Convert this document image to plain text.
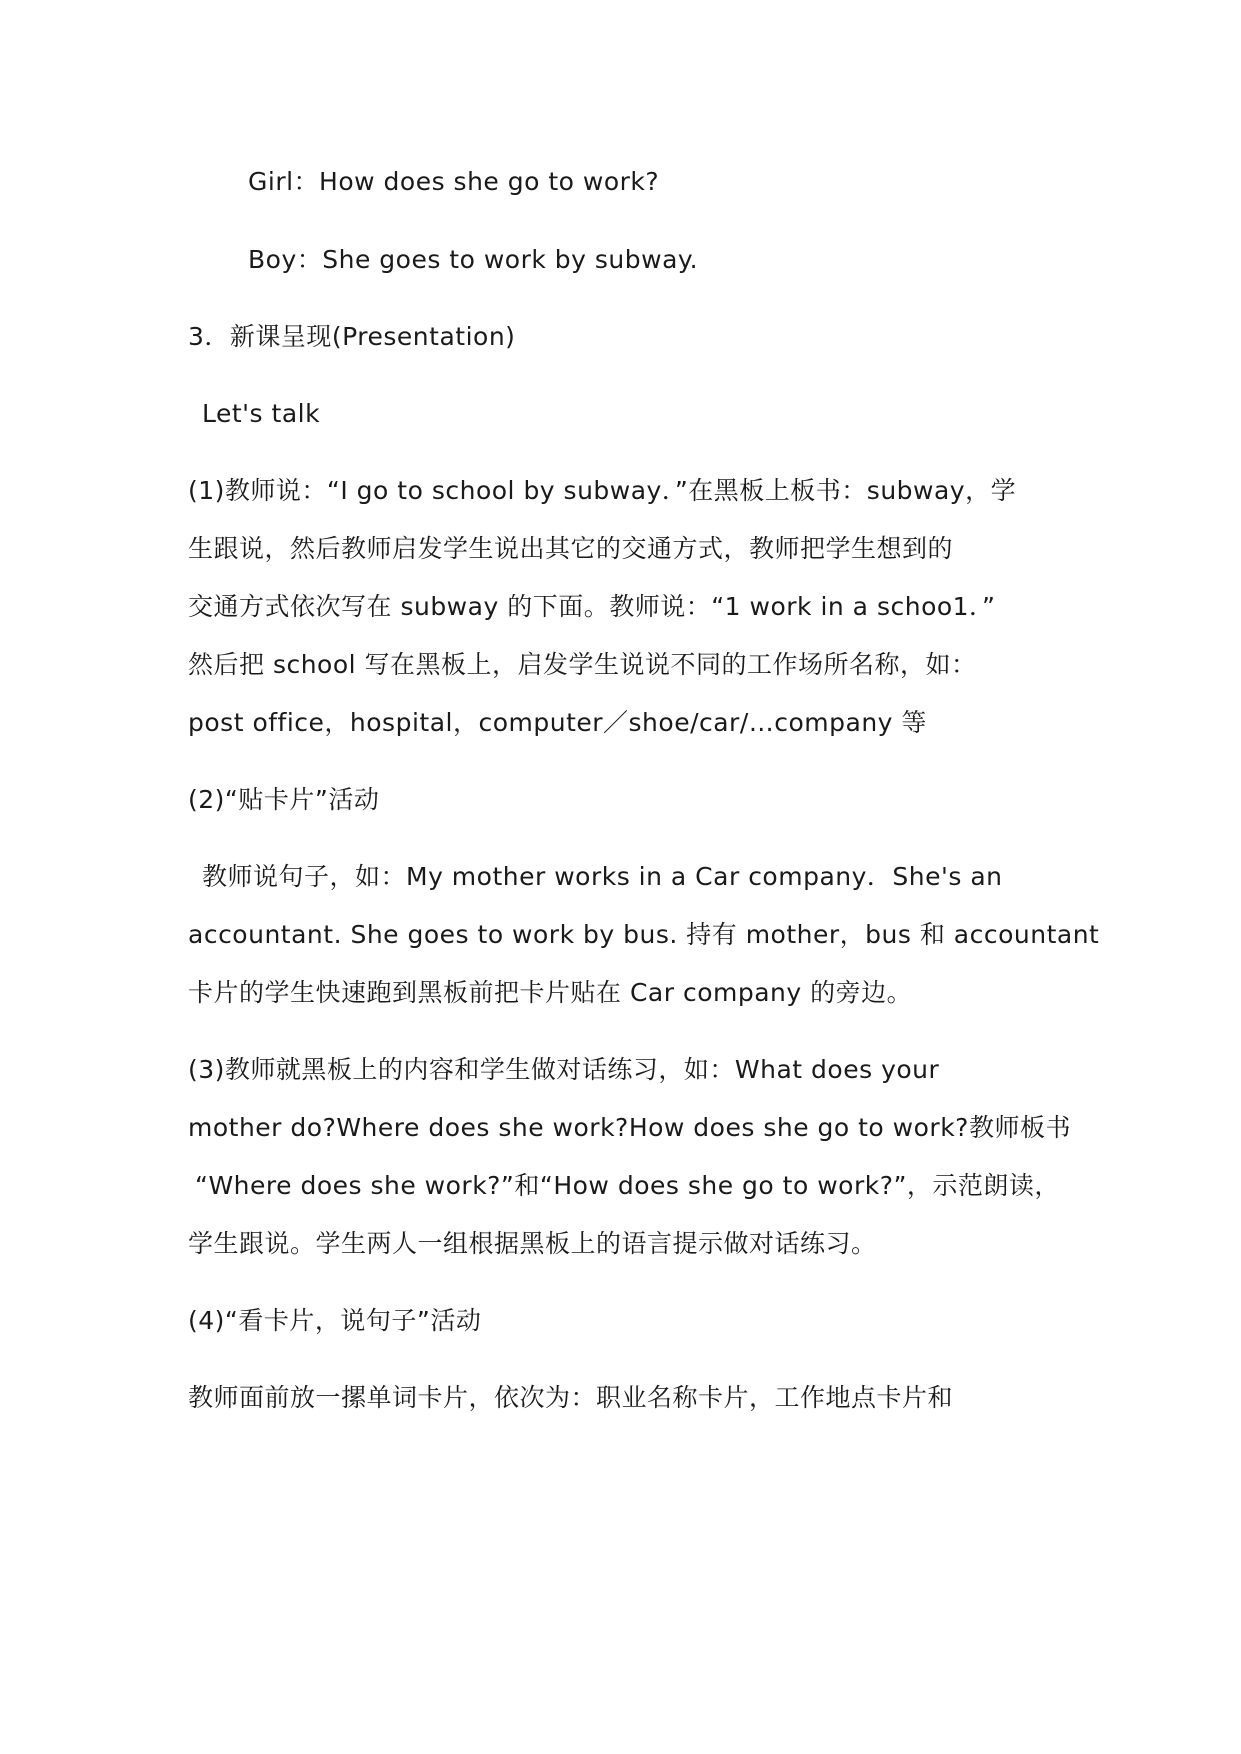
Girl：How does she go to work?
Boy：She goes to work by subway.
3．新课呈现(Presentation)
Let's talk
(1)教师说：“I go to school by subway．”在黑板上板书：subway，学
生跟说，然后教师启发学生说出其它的交通方式，教师把学生想到的
交通方式依次写在 subway 的下面。教师说：“1 work in a schoo1．”
然后把 school 写在黑板上，启发学生说说不同的工作场所名称，如：
post office，hospital，computer／shoe/car/…company 等
(2)“贴卡片”活动
教师说句子，如：My mother works in a Car company．She's an
accountant. She goes to work by bus. 持有 mother，bus 和 accountant
卡片的学生快速跑到黑板前把卡片贴在 Car company 的旁边。
(3)教师就黑板上的内容和学生做对话练习，如：What does your
mother do?Where does she work?How does she go to work?教师板书
“Where does she work?”和“How does she go to work?”，示范朗读，
学生跟说。学生两人一组根据黑板上的语言提示做对话练习。
(4)“看卡片，说句子”活动
教师面前放一摞单词卡片，依次为：职业名称卡片，工作地点卡片和
